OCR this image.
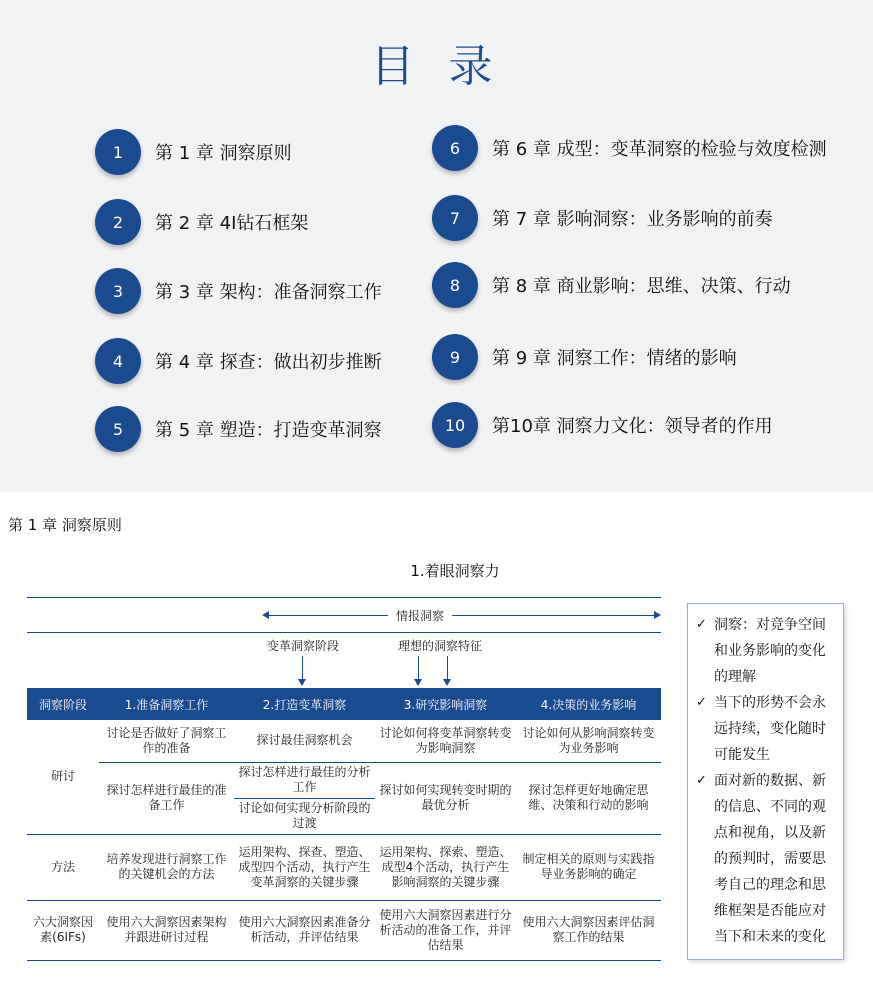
目 录
1	第 1 章 洞察原则
2	第 2 章 4I钻石框架
3	第 3 章 架构：准备洞察工作
4	第 4 章 探查：做出初步推断
5	第 5 章 塑造：打造变革洞察
6	第 6 章 成型：变革洞察的检验与效度检测
7	第 7 章 影响洞察：业务影响的前奏
8	第 8 章 商业影响：思维、决策、行动
9	第 9 章 洞察工作：情绪的影响
10	第10章 洞察力文化：领导者的作用
第 1 章 洞察原则
1.着眼洞察力
情报洞察
变革洞察阶段	理想的洞察特征
洞察阶段	1.准备洞察工作	2.打造变革洞察	3.研究影响洞察	4.决策的业务影响
研讨	讨论是否做好了洞察工作的准备	探讨最佳洞察机会	讨论如何将变革洞察转变为影响洞察	讨论如何从影响洞察转变为业务影响
	探讨怎样进行最佳的准备工作	探讨怎样进行最佳的分析工作	探讨如何实现转变时期的最优分析	探讨怎样更好地确定思维、决策和行动的影响
		讨论如何实现分析阶段的过渡		
方法	培养发现进行洞察工作的关键机会的方法	运用架构、探查、塑造、成型四个活动，执行产生变革洞察的关键步骤	运用架构、探索、塑造、成型4个活动，执行产生影响洞察的关键步骤	制定相关的原则与实践指导业务影响的确定
六大洞察因素(6IFs)	使用六大洞察因素架构并跟进研讨过程	使用六大洞察因素准备分析活动，并评估结果	使用六大洞察因素进行分析活动的准备工作，并评估结果	使用六大洞察因素评估洞察工作的结果
✓ 洞察：对竞争空间和业务影响的变化的理解
✓ 当下的形势不会永远持续，变化随时可能发生
✓ 面对新的数据、新的信息、不同的观点和视角，以及新的预判时，需要思考自己的理念和思维框架是否能应对当下和未来的变化
